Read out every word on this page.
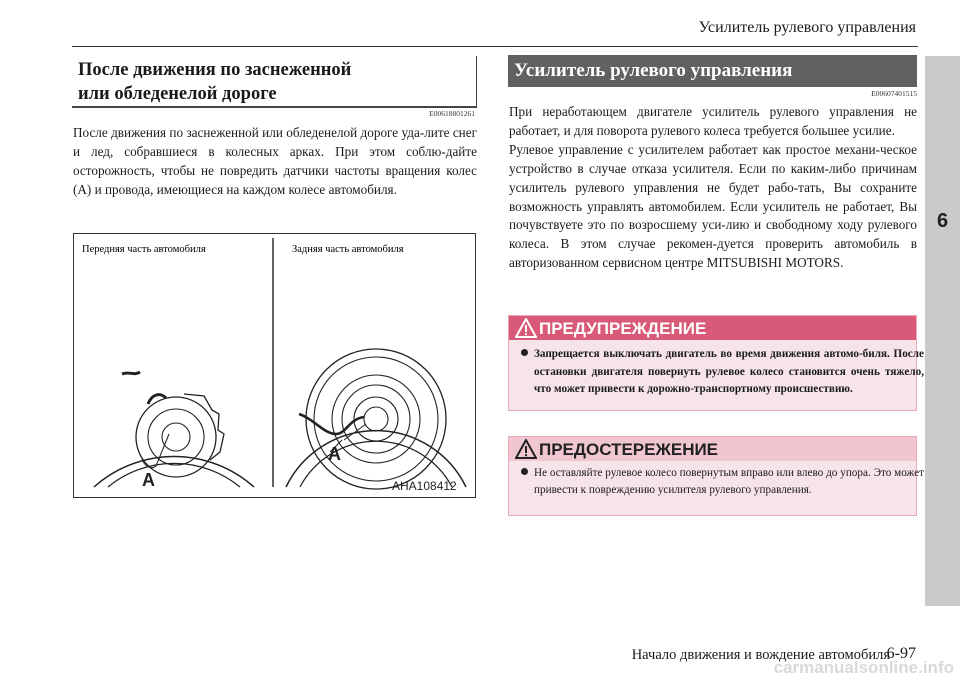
Усилитель рулевого управления
6
После движения по заснеженной
или обледенелой дороге
E00618801261
После движения по заснеженной или обледенелой дороге уда-лите снег и лед, собравшиеся в колесных арках. При этом соблю-дайте осторожность, чтобы не повредить датчики частоты вращения колес (A) и провода, имеющиеся на каждом колесе автомобиля.
Передняя часть автомобиля	Задняя часть автомобиля
A
A
AHA108412
Усилитель рулевого управления
E00607401515

При неработающем двигателе усилитель рулевого управления не работает, и для поворота рулевого колеса требуется большее усилие.

Рулевое управление с усилителем работает как простое механи-ческое устройство в случае отказа усилителя. Если по каким-либо причинам усилитель рулевого управления не будет рабо-тать, Вы сохраните возможность управлять автомобилем. Если усилитель не работает, Вы почувствуете это по возросшему уси-лию и свободному ходу рулевого колеса. В этом случае рекомен-дуется проверить автомобиль в авторизованном сервисном центре MITSUBISHI MOTORS.

ПРЕДУПРЕЖДЕНИЕ
Запрещается выключать двигатель во время движения автомо-биля. После остановки двигателя повернуть рулевое колесо становится очень тяжело, что может привести к дорожно-транспортному происшествию.
ПРЕДОСТЕРЕЖЕНИЕ
Не оставляйте рулевое колесо повернутым вправо или влево до упора. Это может привести к повреждению усилителя рулевого управления.
Начало движения и вождение автомобиля
6-97
carmanualsonline.info
